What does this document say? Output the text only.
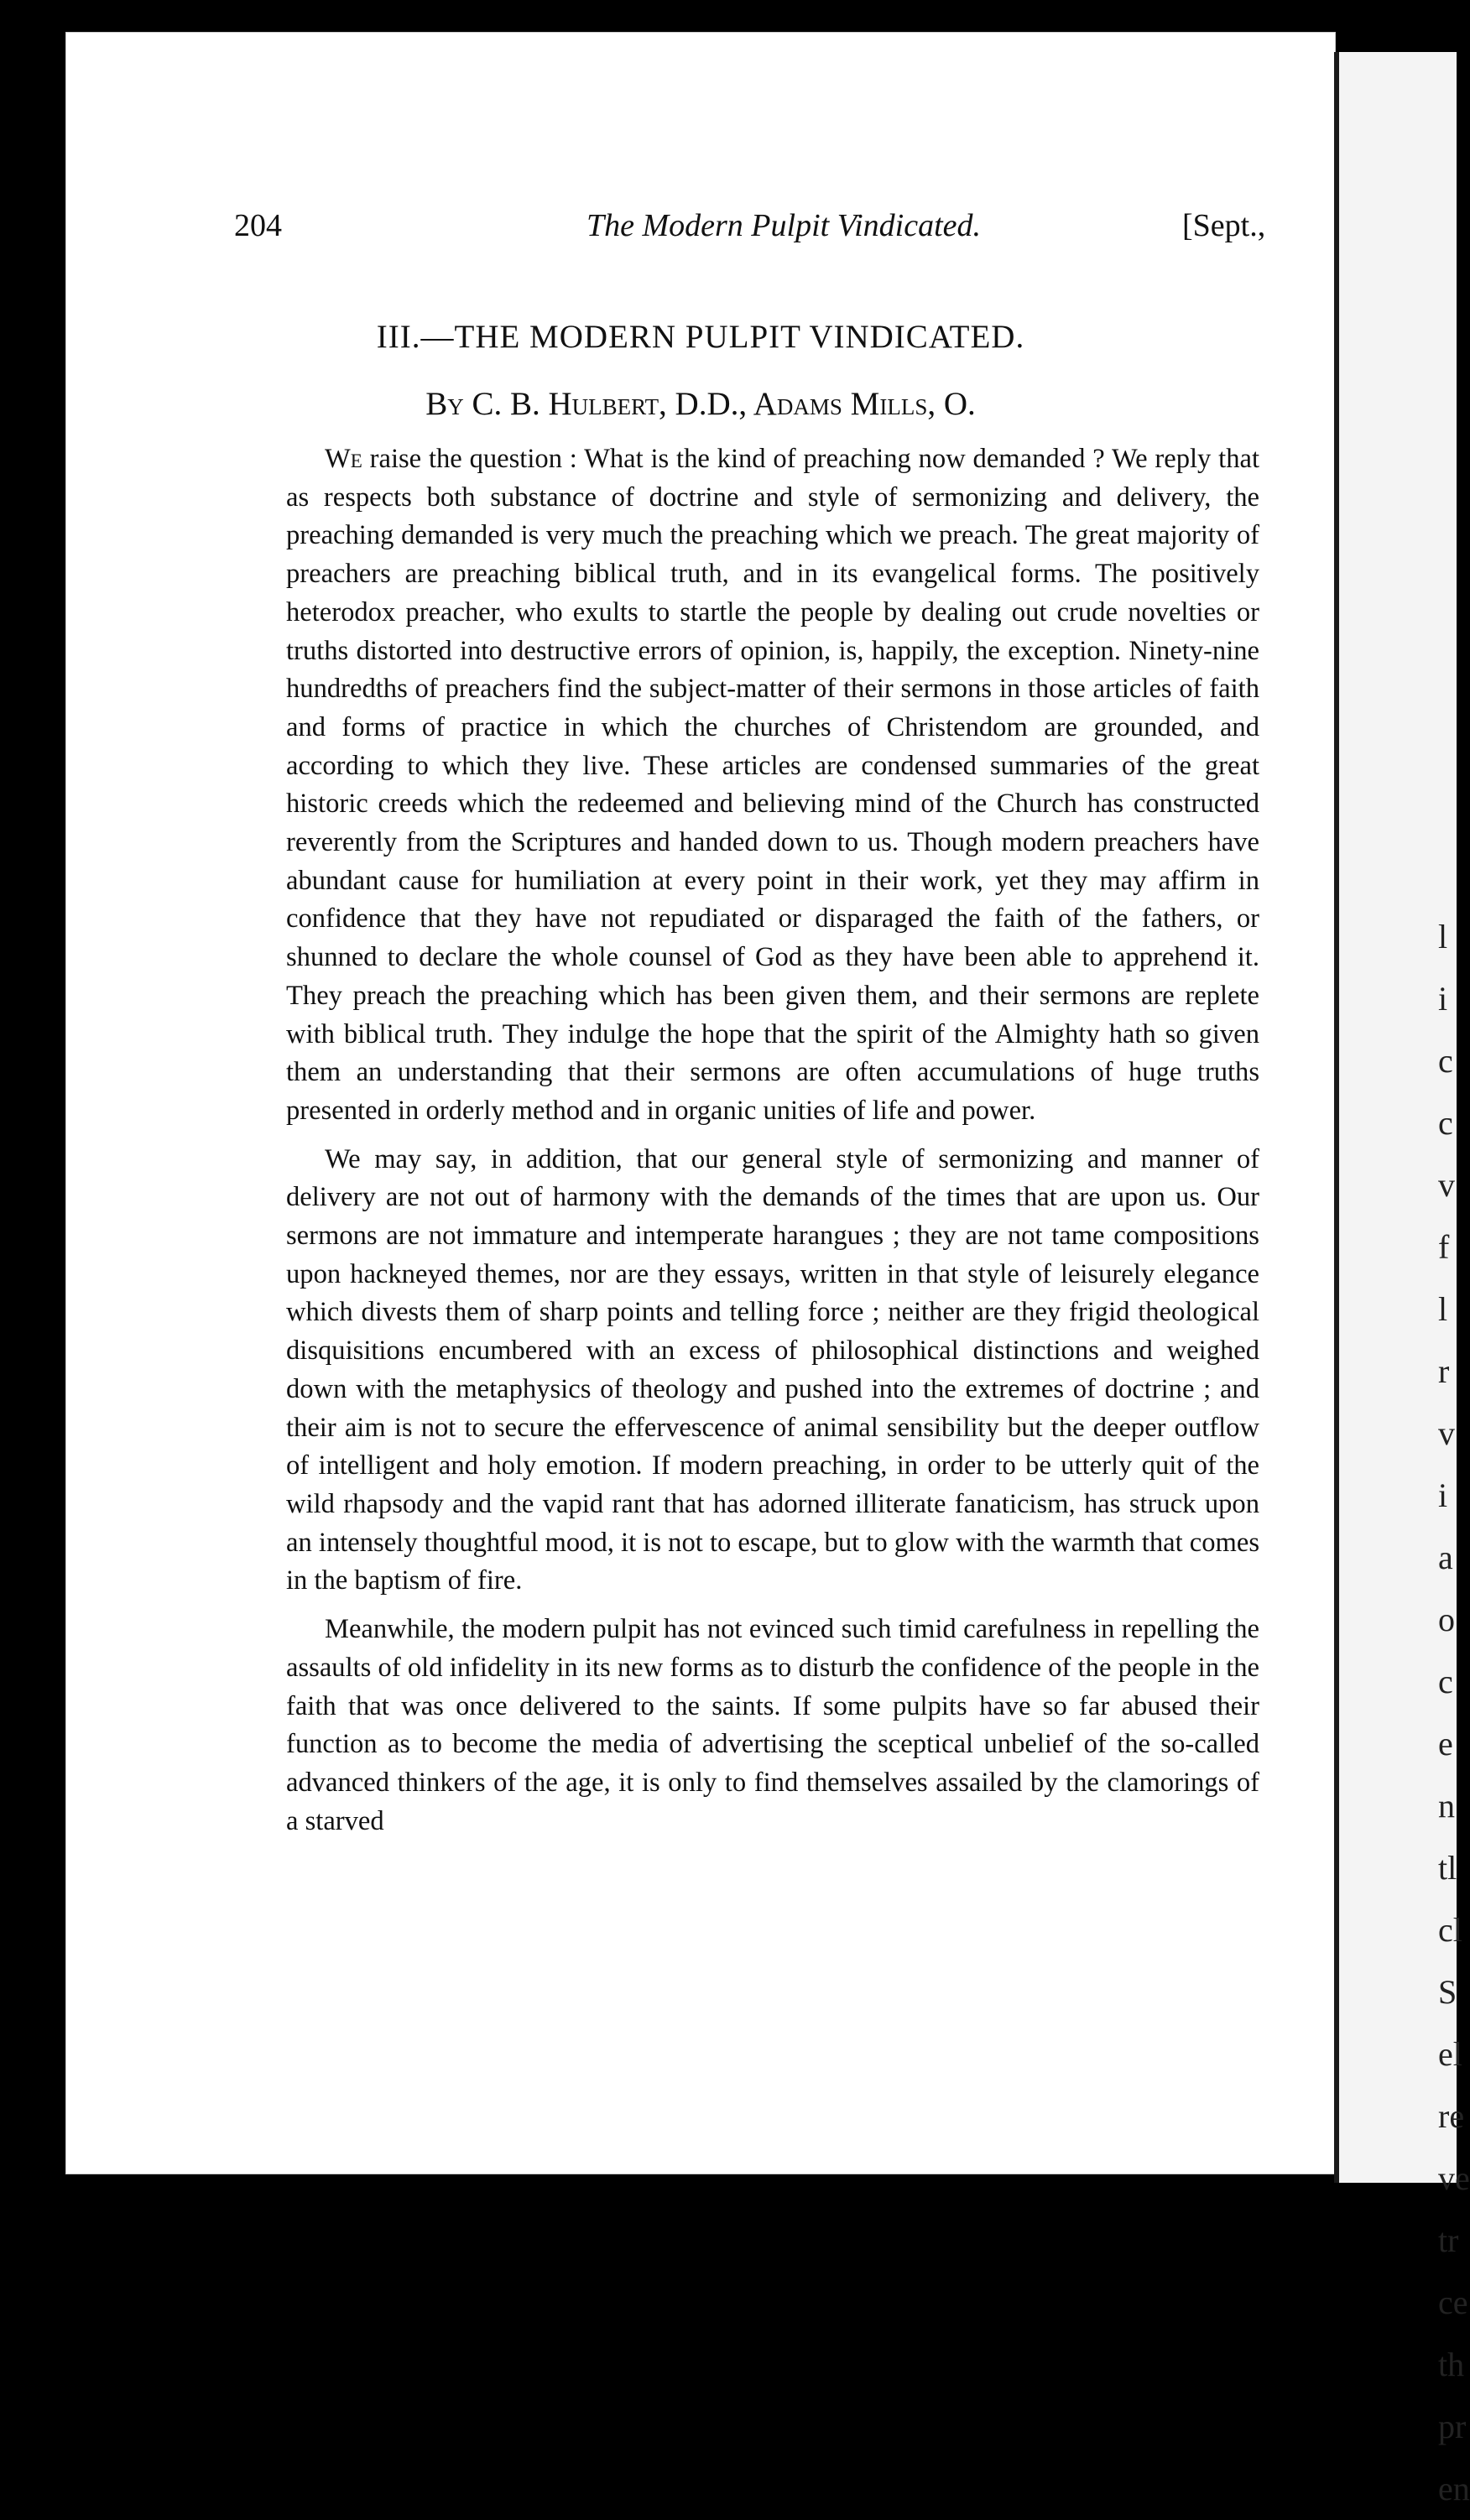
204	The Modern Pulpit Vindicated.	[Sept.,
III.—THE MODERN PULPIT VINDICATED.
By C. B. Hulbert, D.D., Adams Mills, O.

We raise the question : What is the kind of preaching now demanded ? We reply that as respects both substance of doctrine and style of sermonizing and delivery, the preaching demanded is very much the preaching which we preach. The great majority of preachers are preaching biblical truth, and in its evangelical forms. The positively heterodox preacher, who exults to startle the people by dealing out crude novelties or truths distorted into destructive errors of opinion, is, happily, the exception. Ninety-nine hundredths of preachers find the subject-matter of their sermons in those articles of faith and forms of practice in which the churches of Christendom are grounded, and according to which they live. These articles are condensed summaries of the great historic creeds which the redeemed and believing mind of the Church has constructed reverently from the Scriptures and handed down to us. Though modern preachers have abundant cause for humiliation at every point in their work, yet they may affirm in confidence that they have not repudiated or disparaged the faith of the fathers, or shunned to declare the whole counsel of God as they have been able to apprehend it. They preach the preaching which has been given them, and their sermons are replete with biblical truth. They indulge the hope that the spirit of the Almighty hath so given them an understanding that their sermons are often accumulations of huge truths presented in orderly method and in organic unities of life and power.

We may say, in addition, that our general style of sermonizing and manner of delivery are not out of harmony with the demands of the times that are upon us. Our sermons are not immature and intemperate harangues ; they are not tame compositions upon hackneyed themes, nor are they essays, written in that style of leisurely elegance which divests them of sharp points and telling force ; neither are they frigid theological disquisitions encumbered with an excess of philosophical distinctions and weighed down with the metaphysics of theology and pushed into the extremes of doctrine ; and their aim is not to secure the effervescence of animal sensibility but the deeper outflow of intelligent and holy emotion. If modern preaching, in order to be utterly quit of the wild rhapsody and the vapid rant that has adorned illiterate fanaticism, has struck upon an intensely thoughtful mood, it is not to escape, but to glow with the warmth that comes in the baptism of fire.

Meanwhile, the modern pulpit has not evinced such timid carefulness in repelling the assaults of old infidelity in its new forms as to disturb the confidence of the people in the faith that was once delivered to the saints. If some pulpits have so far abused their function as to become the media of advertising the sceptical unbelief of the so-called advanced thinkers of the age, it is only to find themselves assailed by the clamorings of a starved

l i c c v f l r v i a o c e n tl cl S el re ve tr ce th pr en
